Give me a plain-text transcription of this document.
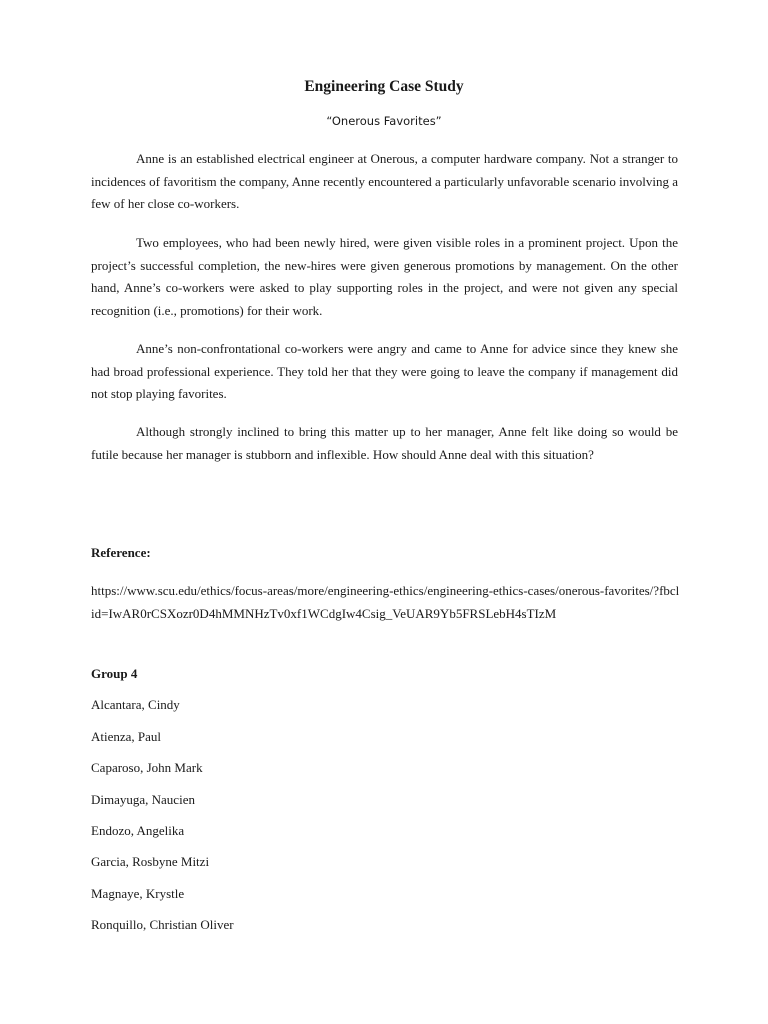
Engineering Case Study
“Onerous Favorites”

Anne is an established electrical engineer at Onerous, a computer hardware company. Not a stranger to incidences of favoritism the company, Anne recently encountered a particularly unfavorable scenario involving a few of her close co-workers.

Two employees, who had been newly hired, were given visible roles in a prominent project. Upon the project’s successful completion, the new-hires were given generous promotions by management. On the other hand, Anne’s co-workers were asked to play supporting roles in the project, and were not given any special recognition (i.e., promotions) for their work.

Anne’s non-confrontational co-workers were angry and came to Anne for advice since they knew she had broad professional experience. They told her that they were going to leave the company if management did not stop playing favorites.

Although strongly inclined to bring this matter up to her manager, Anne felt like doing so would be futile because her manager is stubborn and inflexible. How should Anne deal with this situation?

Reference:
https://www.scu.edu/ethics/focus-areas/more/engineering-ethics/engineering-ethics-cases/onerous-favorites/?fbclid=IwAR0rCSXozr0D4hMMNHzTv0xf1WCdgIw4Csig_VeUAR9Yb5FRSLebH4sTIzM
Group 4
Alcantara, Cindy
Atienza, Paul
Caparoso, John Mark
Dimayuga, Naucien
Endozo, Angelika
Garcia, Rosbyne Mitzi
Magnaye, Krystle
Ronquillo, Christian Oliver
